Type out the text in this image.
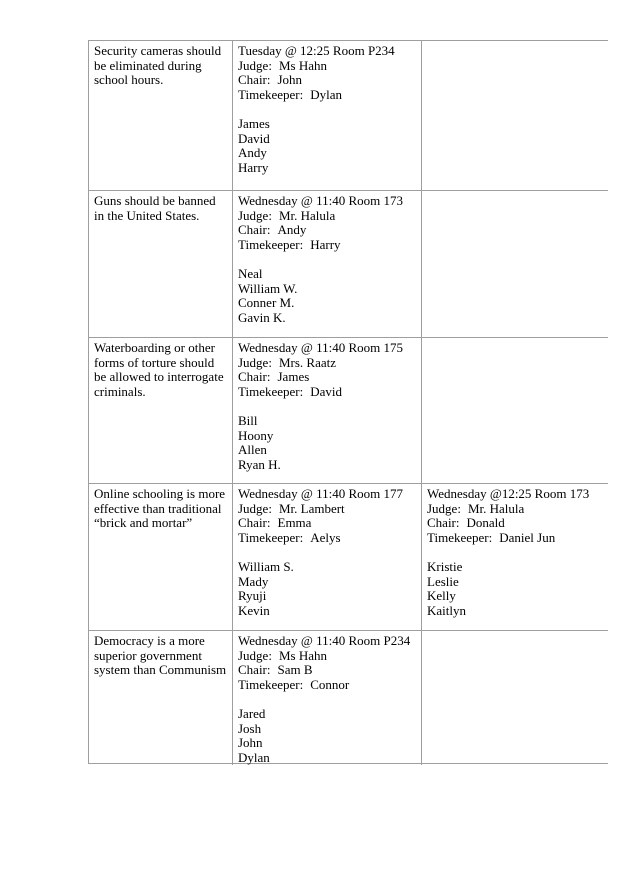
Security cameras should
be eliminated during
school hours.
Tuesday @ 12:25 Room P234
Judge: Ms Hahn
Chair: John
Timekeeper: Dylan
James
David
Andy
Harry
Guns should be banned
in the United States.
Wednesday @ 11:40 Room 173
Judge: Mr. Halula
Chair: Andy
Timekeeper: Harry
Neal
William W.
Conner M.
Gavin K.
Waterboarding or other
forms of torture should
be allowed to interrogate
criminals.
Wednesday @ 11:40 Room 175
Judge: Mrs. Raatz
Chair: James
Timekeeper: David
Bill
Hoony
Allen
Ryan H.
Online schooling is more
effective than traditional
“brick and mortar”
Wednesday @ 11:40 Room 177
Judge: Mr. Lambert
Chair: Emma
Timekeeper: Aelys
William S.
Mady
Ryuji
Kevin
Wednesday @12:25 Room 173
Judge: Mr. Halula
Chair: Donald
Timekeeper: Daniel Jun
Kristie
Leslie
Kelly
Kaitlyn
Democracy is a more
superior government
system than Communism
Wednesday @ 11:40 Room P234
Judge: Ms Hahn
Chair: Sam B
Timekeeper: Connor
Jared
Josh
John
Dylan
